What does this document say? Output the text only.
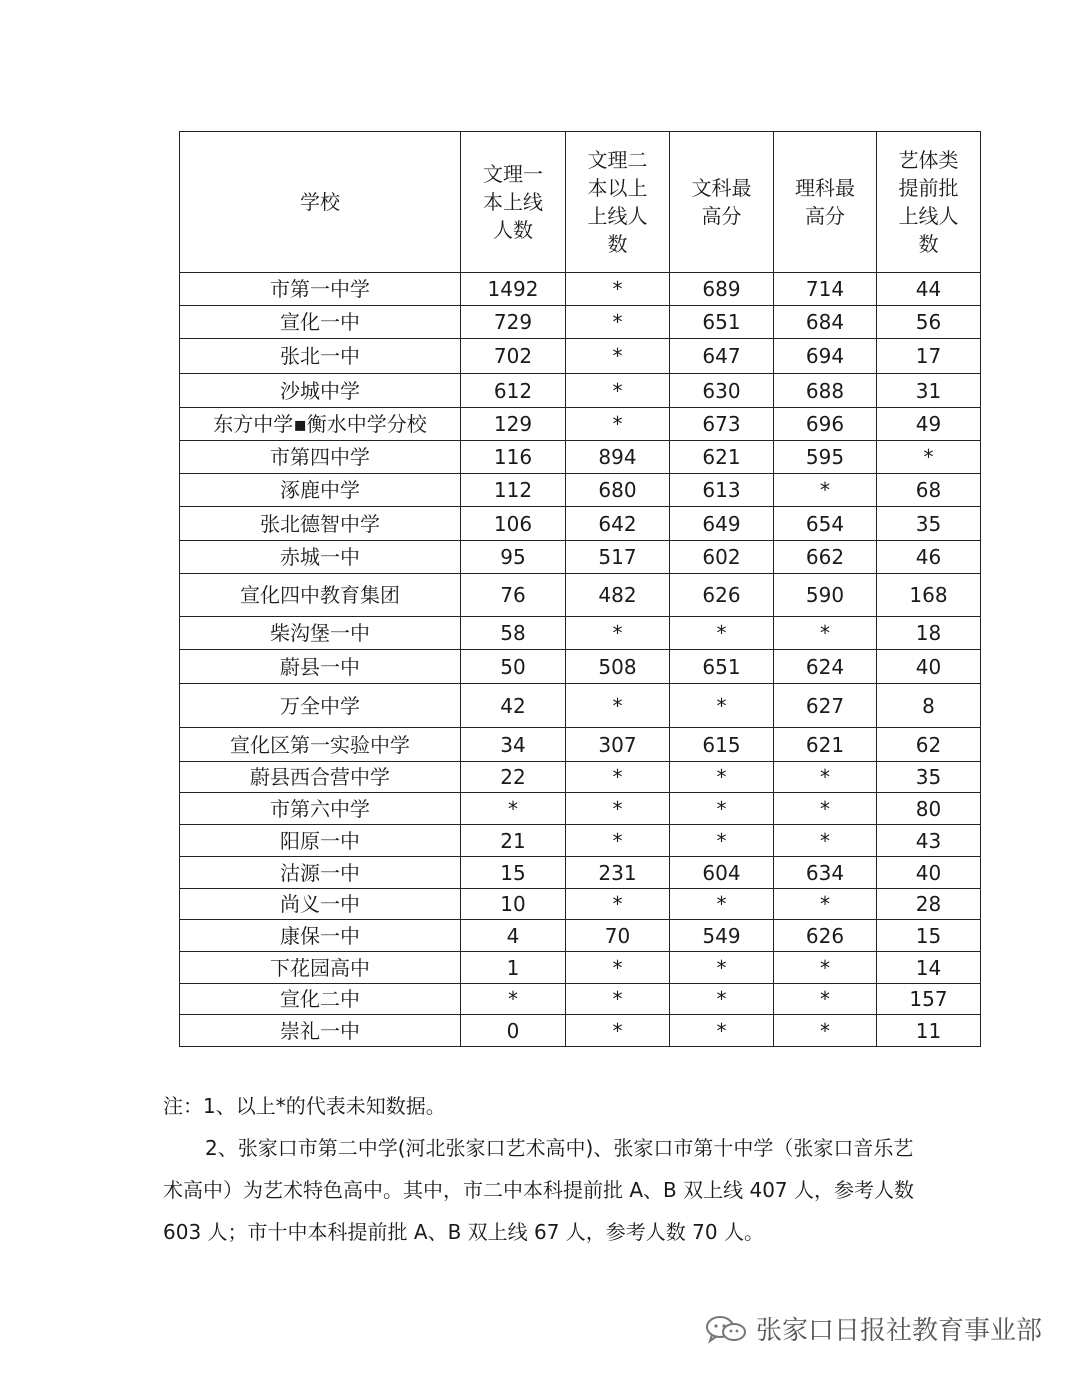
学校	文理一本上线人数	文理二本以上上线人数	文科最高分	理科最高分	艺体类提前批上线人数
市第一中学	1492	*	689	714	44
宣化一中	729	*	651	684	56
张北一中	702	*	647	694	17
沙城中学	612	*	630	688	31
东方中学▪衡水中学分校	129	*	673	696	49
市第四中学	116	894	621	595	*
涿鹿中学	112	680	613	*	68
张北德智中学	106	642	649	654	35
赤城一中	95	517	602	662	46
宣化四中教育集团	76	482	626	590	168
柴沟堡一中	58	*	*	*	18
蔚县一中	50	508	651	624	40
万全中学	42	*	*	627	8
宣化区第一实验中学	34	307	615	621	62
蔚县西合营中学	22	*	*	*	35
市第六中学	*	*	*	*	80
阳原一中	21	*	*	*	43
沽源一中	15	231	604	634	40
尚义一中	10	*	*	*	28
康保一中	4	70	549	626	15
下花园高中	1	*	*	*	14
宣化二中	*	*	*	*	157
崇礼一中	0	*	*	*	11

注：1、以上*的代表未知数据。

2、张家口市第二中学(河北张家口艺术高中)、张家口市第十中学（张家口音乐艺术高中）为艺术特色高中。其中，市二中本科提前批 A、B 双上线 407 人，参考人数 603 人；市十中本科提前批 A、B 双上线 67 人，参考人数 70 人。

张家口日报社教育事业部
